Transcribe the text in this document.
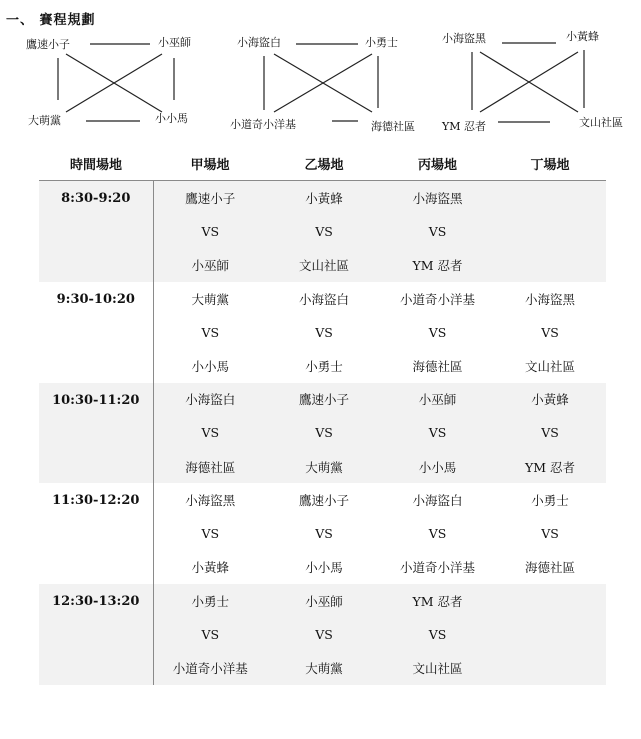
一、 賽程規劃
鷹速小子	小巫師
大萌黨	小小馬
小海盜白	小勇士
小道奇小洋基	海德社區
小海盜黑	小黃蜂
YM 忍者	文山社區
時間場地	甲場地	乙場地	丙場地	丁場地
8:30-9:20	鷹速小子	小黃蜂	小海盜黑	
	VS	VS	VS	
	小巫師	文山社區	YM 忍者	
9:30-10:20	大萌黨	小海盜白	小道奇小洋基	小海盜黑
	VS	VS	VS	VS
	小小馬	小勇士	海德社區	文山社區
10:30-11:20	小海盜白	鷹速小子	小巫師	小黃蜂
	VS	VS	VS	VS
	海德社區	大萌黨	小小馬	YM 忍者
11:30-12:20	小海盜黑	鷹速小子	小海盜白	小勇士
	VS	VS	VS	VS
	小黃蜂	小小馬	小道奇小洋基	海德社區
12:30-13:20	小勇士	小巫師	YM 忍者	
	VS	VS	VS	
	小道奇小洋基	大萌黨	文山社區	
